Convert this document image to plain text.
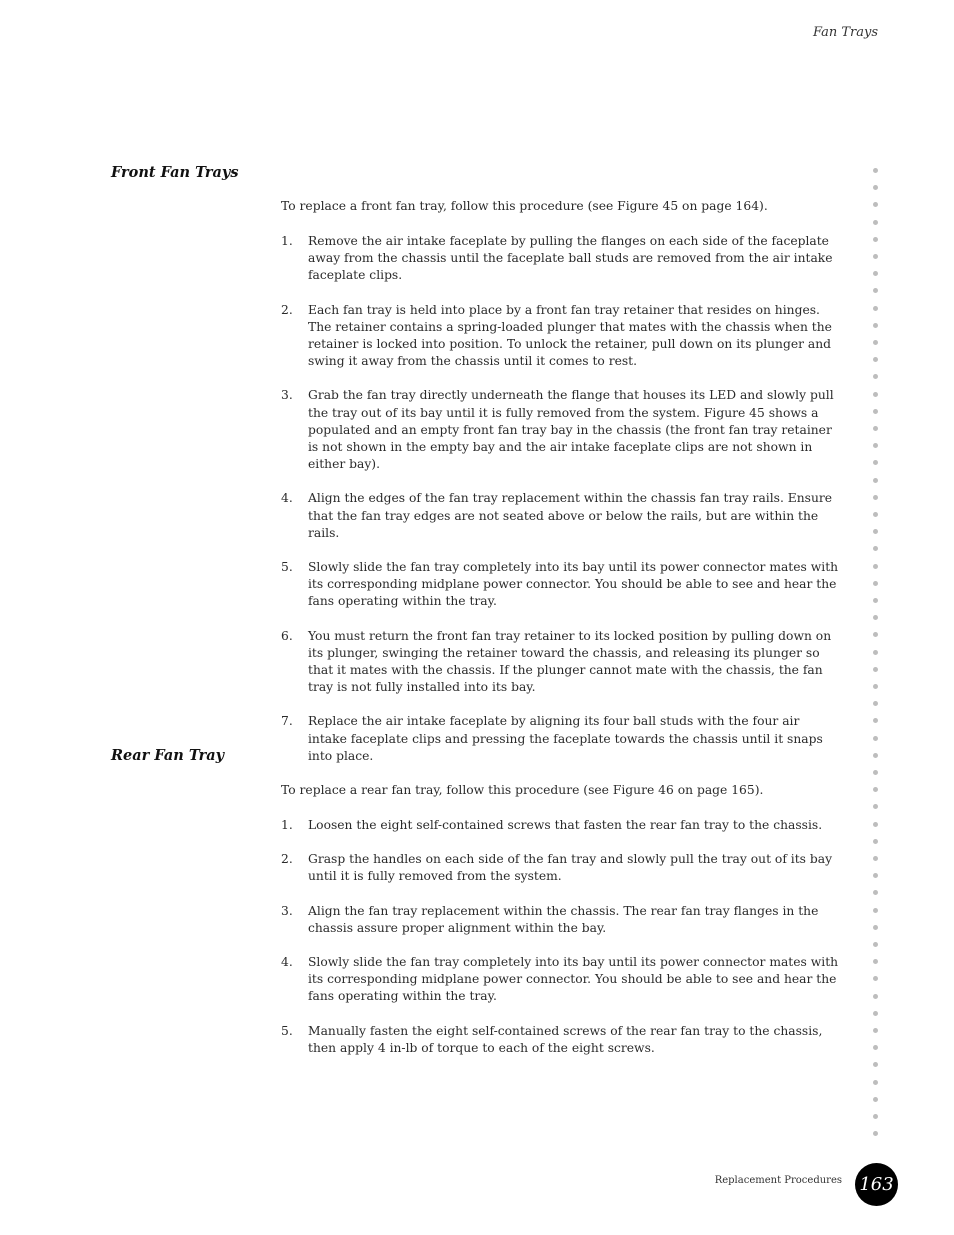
Fan Trays
Front Fan Trays

To replace a front fan tray, follow this procedure (see Figure 45 on page 164).

1. Remove the air intake faceplate by pulling the flanges on each side of the faceplate away from the chassis until the faceplate ball studs are removed from the air intake faceplate clips.
2. Each fan tray is held into place by a front fan tray retainer that resides on hinges. The retainer contains a spring-loaded plunger that mates with the chassis when the retainer is locked into position. To unlock the retainer, pull down on its plunger and swing it away from the chassis until it comes to rest.
3. Grab the fan tray directly underneath the flange that houses its LED and slowly pull the tray out of its bay until it is fully removed from the system. Figure 45 shows a populated and an empty front fan tray bay in the chassis (the front fan tray retainer is not shown in the empty bay and the air intake faceplate clips are not shown in either bay).
4. Align the edges of the fan tray replacement within the chassis fan tray rails. Ensure that the fan tray edges are not seated above or below the rails, but are within the rails.
5. Slowly slide the fan tray completely into its bay until its power connector mates with its corresponding midplane power connector. You should be able to see and hear the fans operating within the tray.
6. You must return the front fan tray retainer to its locked position by pulling down on its plunger, swinging the retainer toward the chassis, and releasing its plunger so that it mates with the chassis. If the plunger cannot mate with the chassis, the fan tray is not fully installed into its bay.
7. Replace the air intake faceplate by aligning its four ball studs with the four air intake faceplate clips and pressing the faceplate towards the chassis until it snaps into place.
Rear Fan Tray

To replace a rear fan tray, follow this procedure (see Figure 46 on page 165).

1. Loosen the eight self-contained screws that fasten the rear fan tray to the chassis.
2. Grasp the handles on each side of the fan tray and slowly pull the tray out of its bay until it is fully removed from the system.
3. Align the fan tray replacement within the chassis. The rear fan tray flanges in the chassis assure proper alignment within the bay.
4. Slowly slide the fan tray completely into its bay until its power connector mates with its corresponding midplane power connector. You should be able to see and hear the fans operating within the tray.
5. Manually fasten the eight self-contained screws of the rear fan tray to the chassis, then apply 4 in-lb of torque to each of the eight screws.
Replacement Procedures 163
